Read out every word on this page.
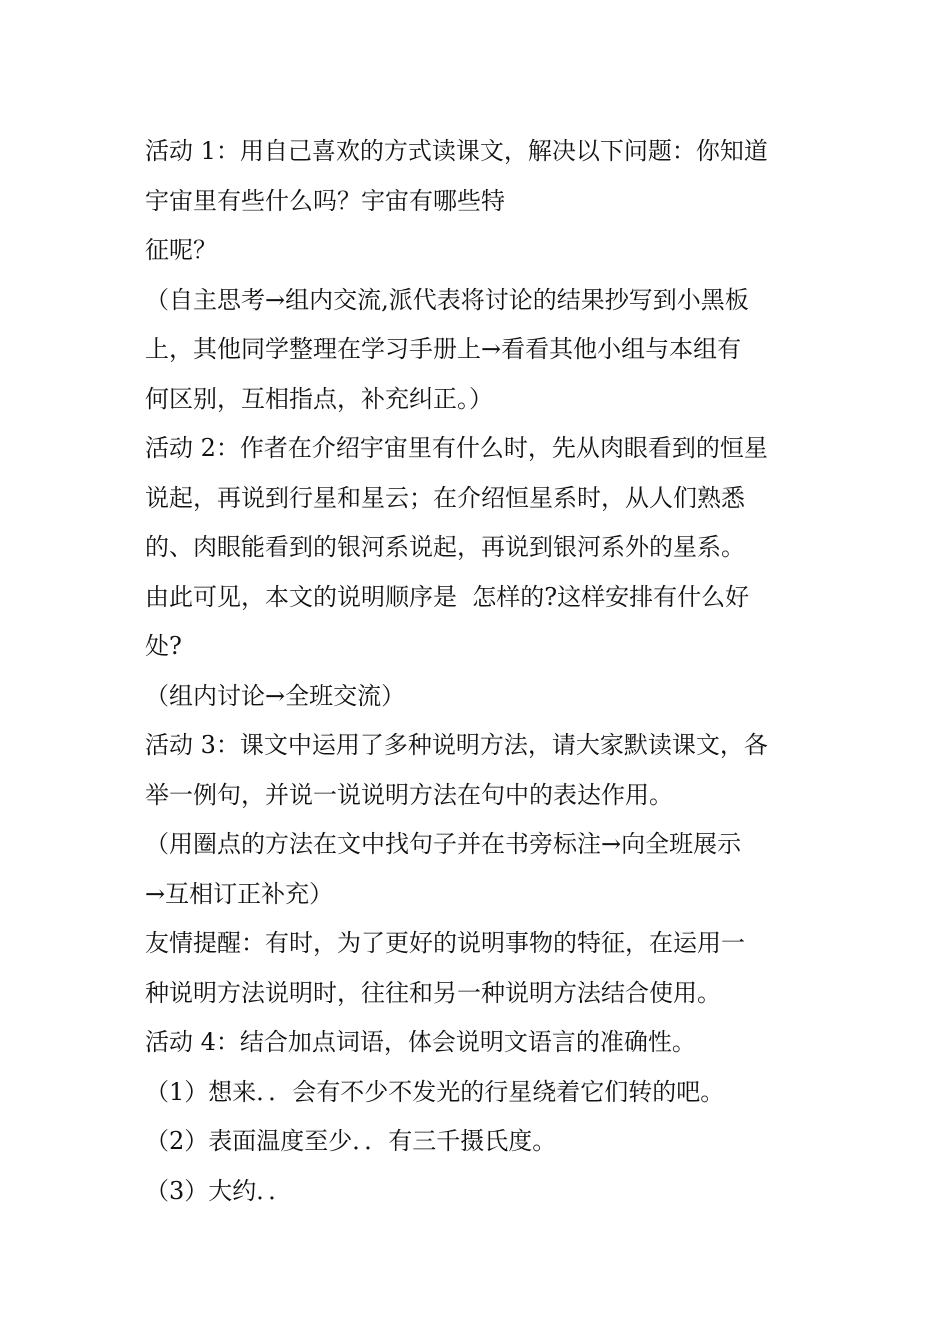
活动 1：用自己喜欢的方式读课文，解决以下问题：你知道
宇宙里有些什么吗？宇宙有哪些特
征呢？
（自主思考→组内交流,派代表将讨论的结果抄写到小黑板
上，其他同学整理在学习手册上→看看其他小组与本组有
何区别，互相指点，补充纠正。）
活动 2：作者在介绍宇宙里有什么时，先从肉眼看到的恒星
说起，再说到行星和星云；在介绍恒星系时，从人们熟悉
的、肉眼能看到的银河系说起，再说到银河系外的星系。
由此可见，本文的说明顺序是  怎样的?这样安排有什么好
处?
（组内讨论→全班交流）
活动 3：课文中运用了多种说明方法，请大家默读课文，各
举一例句，并说一说说明方法在句中的表达作用。
（用圈点的方法在文中找句子并在书旁标注→向全班展示
→互相订正补充）
友情提醒：有时，为了更好的说明事物的特征，在运用一
种说明方法说明时，往往和另一种说明方法结合使用。
活动 4：结合加点词语，体会说明文语言的准确性。
（1）想来．．会有不少不发光的行星绕着它们转的吧。
（2）表面温度至少．．有三千摄氏度。
（3）大约．．
